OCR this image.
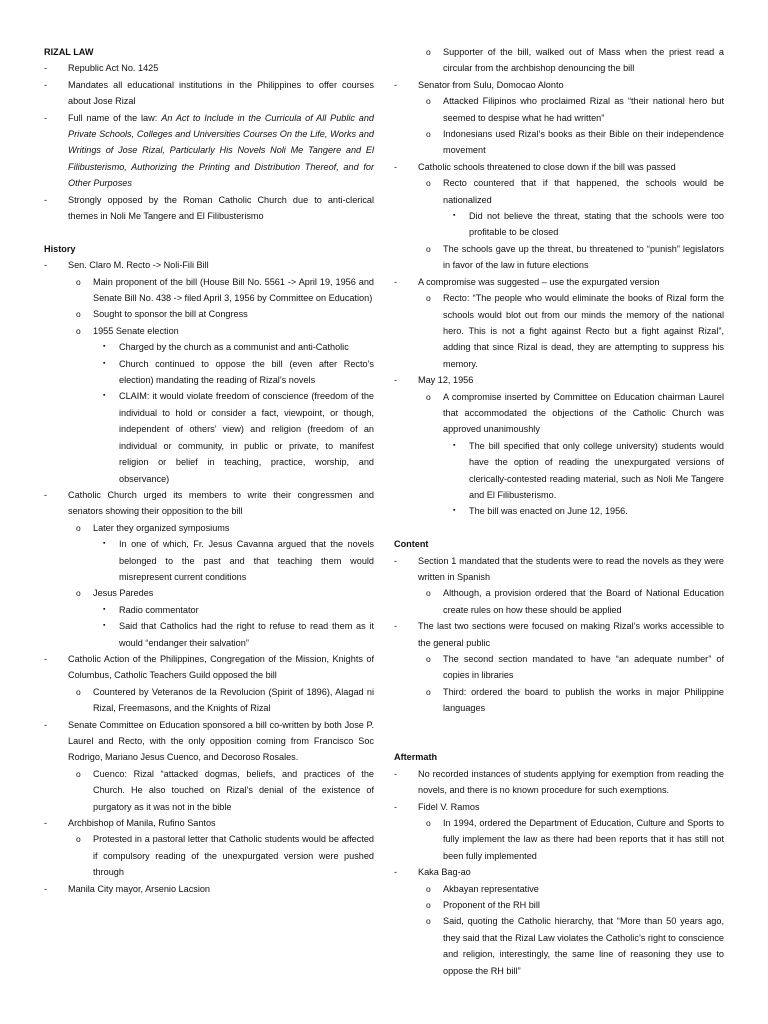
RIZAL LAW
- Republic Act No. 1425
- Mandates all educational institutions in the Philippines to offer courses about Jose Rizal
- Full name of the law: An Act to Include in the Curricula of All Public and Private Schools, Colleges and Universities Courses On the Life, Works and Writings of Jose Rizal, Particularly His Novels Noli Me Tangere and El Filibusterismo, Authorizing the Printing and Distribution Thereof, and for Other Purposes
- Strongly opposed by the Roman Catholic Church due to anti-clerical themes in Noli Me Tangere and El Filibusterismo
History
- Sen. Claro M. Recto -> Noli-Fili Bill
o Main proponent of the bill (House Bill No. 5561 -> April 19, 1956 and Senate Bill No. 438 -> filed April 3, 1956 by Committee on Education)
o Sought to sponsor the bill at Congress
o 1955 Senate election
▪ Charged by the church as a communist and anti-Catholic
▪ Church continued to oppose the bill (even after Recto’s election) mandating the reading of Rizal’s novels
▪ CLAIM: it would violate freedom of conscience (freedom of the individual to hold or consider a fact, viewpoint, or though, independent of others’ view) and religion (freedom of an individual or community, in public or private, to manifest religion or belief in teaching, practice, worship, and observance)
- Catholic Church urged its members to write their congressmen and senators showing their opposition to the bill
o Later they organized symposiums
▪ In one of which, Fr. Jesus Cavanna argued that the novels belonged to the past and that teaching them would misrepresent current conditions
o Jesus Paredes
▪ Radio commentator
▪ Said that Catholics had the right to refuse to read them as it would “endanger their salvation”
- Catholic Action of the Philippines, Congregation of the Mission, Knights of Columbus, Catholic Teachers Guild opposed the bill
o Countered by Veteranos de la Revolucion (Spirit of 1896), Alagad ni Rizal, Freemasons, and the Knights of Rizal
- Senate Committee on Education sponsored a bill co-written by both Jose P. Laurel and Recto, with the only opposition coming from Francisco Soc Rodrigo, Mariano Jesus Cuenco, and Decoroso Rosales.
o Cuenco: Rizal “attacked dogmas, beliefs, and practices of the Church. He also touched on Rizal’s denial of the existence of purgatory as it was not in the bible
- Archbishop of Manila, Rufino Santos
o Protested in a pastoral letter that Catholic students would be affected if compulsory reading of the unexpurgated version were pushed through
- Manila City mayor, Arsenio Lacsion
o Supporter of the bill, walked out of Mass when the priest read a circular from the archbishop denouncing the bill
- Senator from Sulu, Domocao Alonto
o Attacked Filipinos who proclaimed Rizal as “their national hero but seemed to despise what he had written”
o Indonesians used Rizal’s books as their Bible on their independence movement
- Catholic schools threatened to close down if the bill was passed
o Recto countered that if that happened, the schools would be nationalized
▪ Did not believe the threat, stating that the schools were too profitable to be closed
o The schools gave up the threat, bu threatened to “punish” legislators in favor of the law in future elections
- A compromise was suggested – use the expurgated version
o Recto: “The people who would eliminate the books of Rizal form the schools would blot out from our minds the memory of the national hero. This is not a fight against Recto but a fight against Rizal”, adding that since Rizal is dead, they are attempting to suppress his memory.
- May 12, 1956
o A compromise inserted by Committee on Education chairman Laurel that accommodated the objections of the Catholic Church was approved unanimoushly
▪ The bill specified that only college university) students would have the option of reading the unexpurgated versions of clerically-contested reading material, such as Noli Me Tangere and El Filibusterismo.
▪ The bill was enacted on June 12, 1956.
Content
- Section 1 mandated that the students were to read the novels as they were written in Spanish
o Although, a provision ordered that the Board of National Education create rules on how these should be applied
- The last two sections were focused on making Rizal’s works accessible to the general public
o The second section mandated to have “an adequate number” of copies in libraries
o Third: ordered the board to publish the works in major Philippine languages
Aftermath
- No recorded instances of students applying for exemption from reading the novels, and there is no known procedure for such exemptions.
- Fidel V. Ramos
o In 1994, ordered the Department of Education, Culture and Sports to fully implement the law as there had been reports that it has still not been fully implemented
- Kaka Bag-ao
o Akbayan representative
o Proponent of the RH bill
o Said, quoting the Catholic hierarchy, that “More than 50 years ago, they said that the Rizal Law violates the Catholic’s right to conscience and religion, interestingly, the same line of reasoning they use to oppose the RH bill”
